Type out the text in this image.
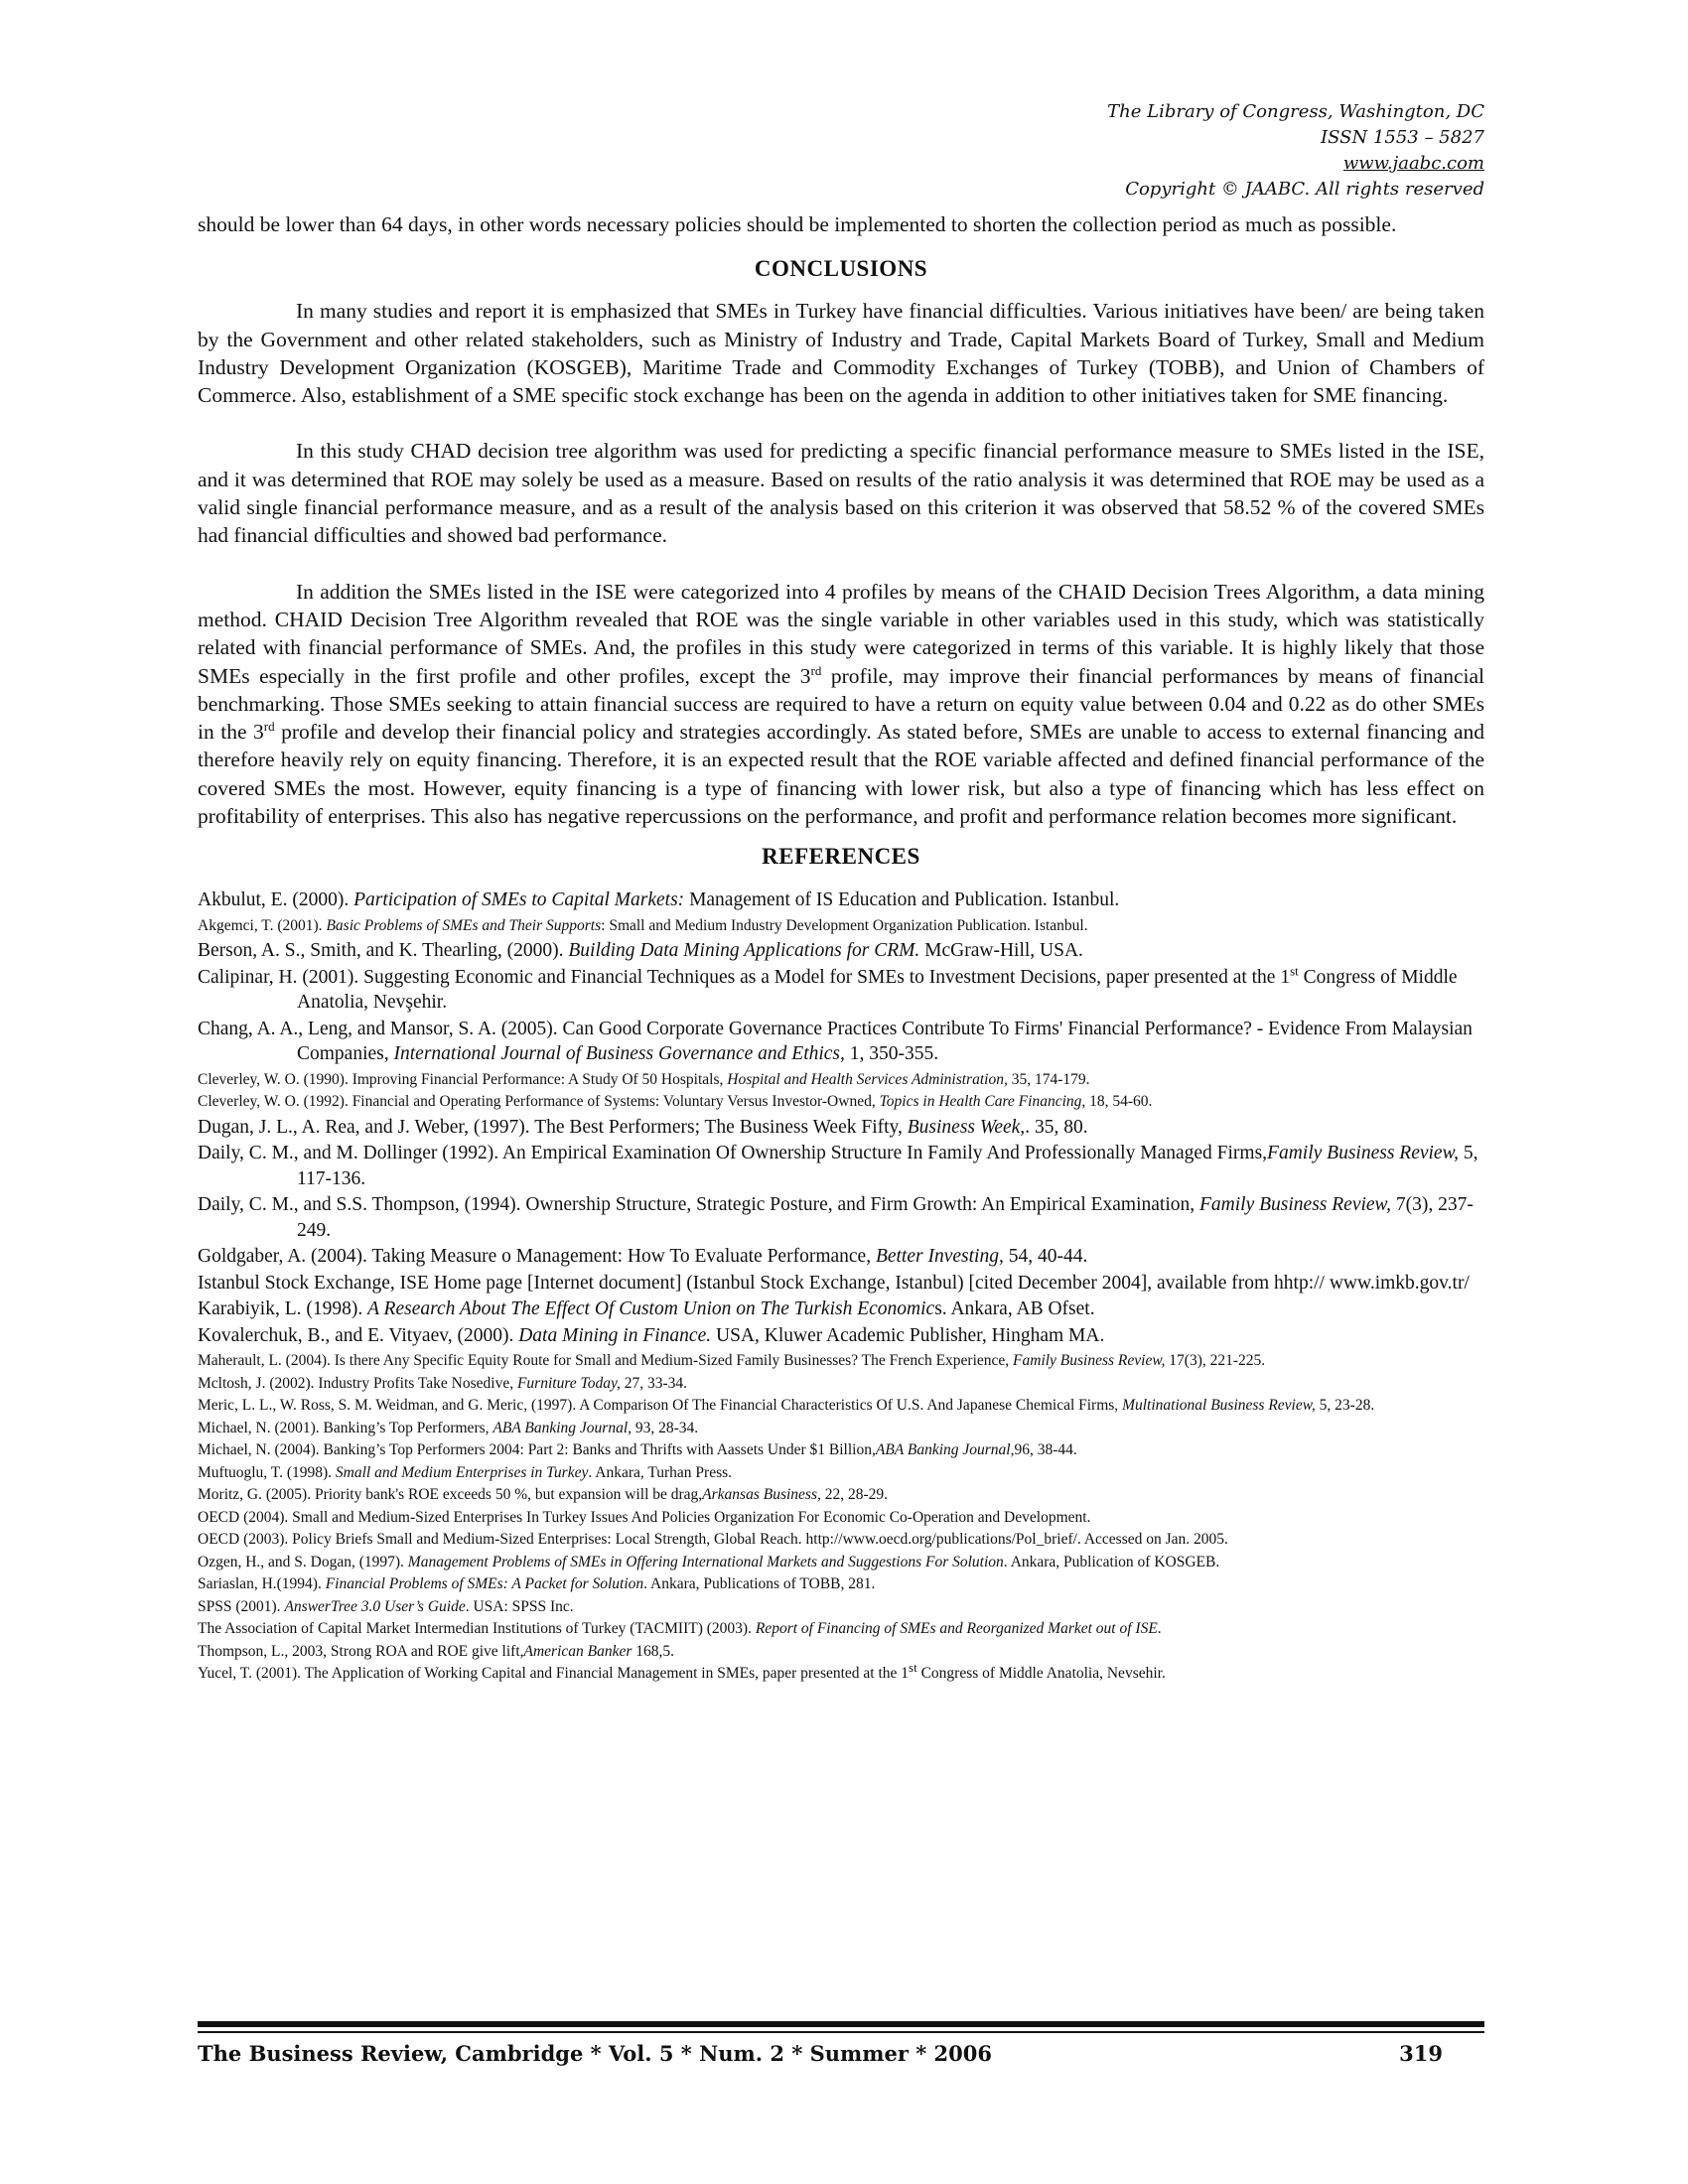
The Library of Congress, Washington, DC
ISSN 1553 – 5827
www.jaabc.com
Copyright © JAABC. All rights reserved

should be lower than 64 days, in other words necessary policies should be implemented to shorten the collection period as much as possible.

CONCLUSIONS

In many studies and report it is emphasized that SMEs in Turkey have financial difficulties. Various initiatives have been/ are being taken by the Government and other related stakeholders, such as Ministry of Industry and Trade, Capital Markets Board of Turkey, Small and Medium Industry Development Organization (KOSGEB), Maritime Trade and Commodity Exchanges of Turkey (TOBB), and Union of Chambers of Commerce. Also, establishment of a SME specific stock exchange has been on the agenda in addition to other initiatives taken for SME financing.

In this study CHAD decision tree algorithm was used for predicting a specific financial performance measure to SMEs listed in the ISE, and it was determined that ROE may solely be used as a measure. Based on results of the ratio analysis it was determined that ROE may be used as a valid single financial performance measure, and as a result of the analysis based on this criterion it was observed that 58.52 % of the covered SMEs had financial difficulties and showed bad performance.

In addition the SMEs listed in the ISE were categorized into 4 profiles by means of the CHAID Decision Trees Algorithm, a data mining method. CHAID Decision Tree Algorithm revealed that ROE was the single variable in other variables used in this study, which was statistically related with financial performance of SMEs. And, the profiles in this study were categorized in terms of this variable. It is highly likely that those SMEs especially in the first profile and other profiles, except the 3rd profile, may improve their financial performances by means of financial benchmarking. Those SMEs seeking to attain financial success are required to have a return on equity value between 0.04 and 0.22 as do other SMEs in the 3rd profile and develop their financial policy and strategies accordingly. As stated before, SMEs are unable to access to external financing and therefore heavily rely on equity financing. Therefore, it is an expected result that the ROE variable affected and defined financial performance of the covered SMEs the most. However, equity financing is a type of financing with lower risk, but also a type of financing which has less effect on profitability of enterprises. This also has negative repercussions on the performance, and profit and performance relation becomes more significant.

REFERENCES

Akbulut, E. (2000). Participation of SMEs to Capital Markets: Management of IS Education and Publication. Istanbul.

Akgemci, T. (2001). Basic Problems of SMEs and Their Supports: Small and Medium Industry Development Organization Publication. Istanbul.

Berson, A. S., Smith, and K. Thearling, (2000). Building Data Mining Applications for CRM. McGraw-Hill, USA.

Calipinar, H. (2001). Suggesting Economic and Financial Techniques as a Model for SMEs to Investment Decisions, paper presented at the 1st Congress of Middle Anatolia, Nevşehir.

Chang, A. A., Leng, and Mansor, S. A. (2005). Can Good Corporate Governance Practices Contribute To Firms' Financial Performance? - Evidence From Malaysian Companies, International Journal of Business Governance and Ethics, 1, 350-355.

Cleverley, W. O. (1990). Improving Financial Performance: A Study Of 50 Hospitals, Hospital and Health Services Administration, 35, 174-179.

Cleverley, W. O. (1992). Financial and Operating Performance of Systems: Voluntary Versus Investor-Owned, Topics in Health Care Financing, 18, 54-60.

Dugan, J. L., A. Rea, and J. Weber, (1997). The Best Performers; The Business Week Fifty, Business Week,. 35, 80.

Daily, C. M., and M. Dollinger (1992). An Empirical Examination Of Ownership Structure In Family And Professionally Managed Firms,Family Business Review, 5, 117-136.

Daily, C. M., and S.S. Thompson, (1994). Ownership Structure, Strategic Posture, and Firm Growth: An Empirical Examination, Family Business Review, 7(3), 237-249.

Goldgaber, A. (2004). Taking Measure o Management: How To Evaluate Performance, Better Investing, 54, 40-44.

Istanbul Stock Exchange, ISE Home page [Internet document] (Istanbul Stock Exchange, Istanbul) [cited December 2004], available from hhtp:// www.imkb.gov.tr/

Karabiyik, L. (1998). A Research About The Effect Of Custom Union on The Turkish Economics. Ankara, AB Ofset.

Kovalerchuk, B., and E. Vityaev, (2000). Data Mining in Finance. USA, Kluwer Academic Publisher, Hingham MA.

Maherault, L. (2004). Is there Any Specific Equity Route for Small and Medium-Sized Family Businesses? The French Experience, Family Business Review, 17(3), 221-225.

Mcltosh, J. (2002). Industry Profits Take Nosedive, Furniture Today, 27, 33-34.

Meric, L. L., W. Ross, S. M. Weidman, and G. Meric, (1997). A Comparison Of The Financial Characteristics Of U.S. And Japanese Chemical Firms, Multinational Business Review, 5, 23-28.

Michael, N. (2001). Banking’s Top Performers, ABA Banking Journal, 93, 28-34.

Michael, N. (2004). Banking’s Top Performers 2004: Part 2: Banks and Thrifts with Aassets Under $1 Billion,ABA Banking Journal,96, 38-44.

Muftuoglu, T. (1998). Small and Medium Enterprises in Turkey. Ankara, Turhan Press.

Moritz, G. (2005). Priority bank's ROE exceeds 50 %, but expansion will be drag,Arkansas Business, 22, 28-29.

OECD (2004). Small and Medium-Sized Enterprises In Turkey Issues And Policies Organization For Economic Co-Operation and Development.

OECD (2003). Policy Briefs Small and Medium-Sized Enterprises: Local Strength, Global Reach. http://www.oecd.org/publications/Pol_brief/. Accessed on Jan. 2005.

Ozgen, H., and S. Dogan, (1997). Management Problems of SMEs in Offering International Markets and Suggestions For Solution. Ankara, Publication of KOSGEB.

Sariaslan, H.(1994). Financial Problems of SMEs: A Packet for Solution. Ankara, Publications of TOBB, 281.

SPSS (2001). AnswerTree 3.0 User’s Guide. USA: SPSS Inc.

The Association of Capital Market Intermedian Institutions of Turkey (TACMIIT) (2003). Report of Financing of SMEs and Reorganized Market out of ISE.

Thompson, L., 2003, Strong ROA and ROE give lift,American Banker 168,5.

Yucel, T. (2001). The Application of Working Capital and Financial Management in SMEs, paper presented at the 1st Congress of Middle Anatolia, Nevsehir.

The Business Review, Cambridge * Vol. 5 * Num. 2 * Summer * 2006	319
